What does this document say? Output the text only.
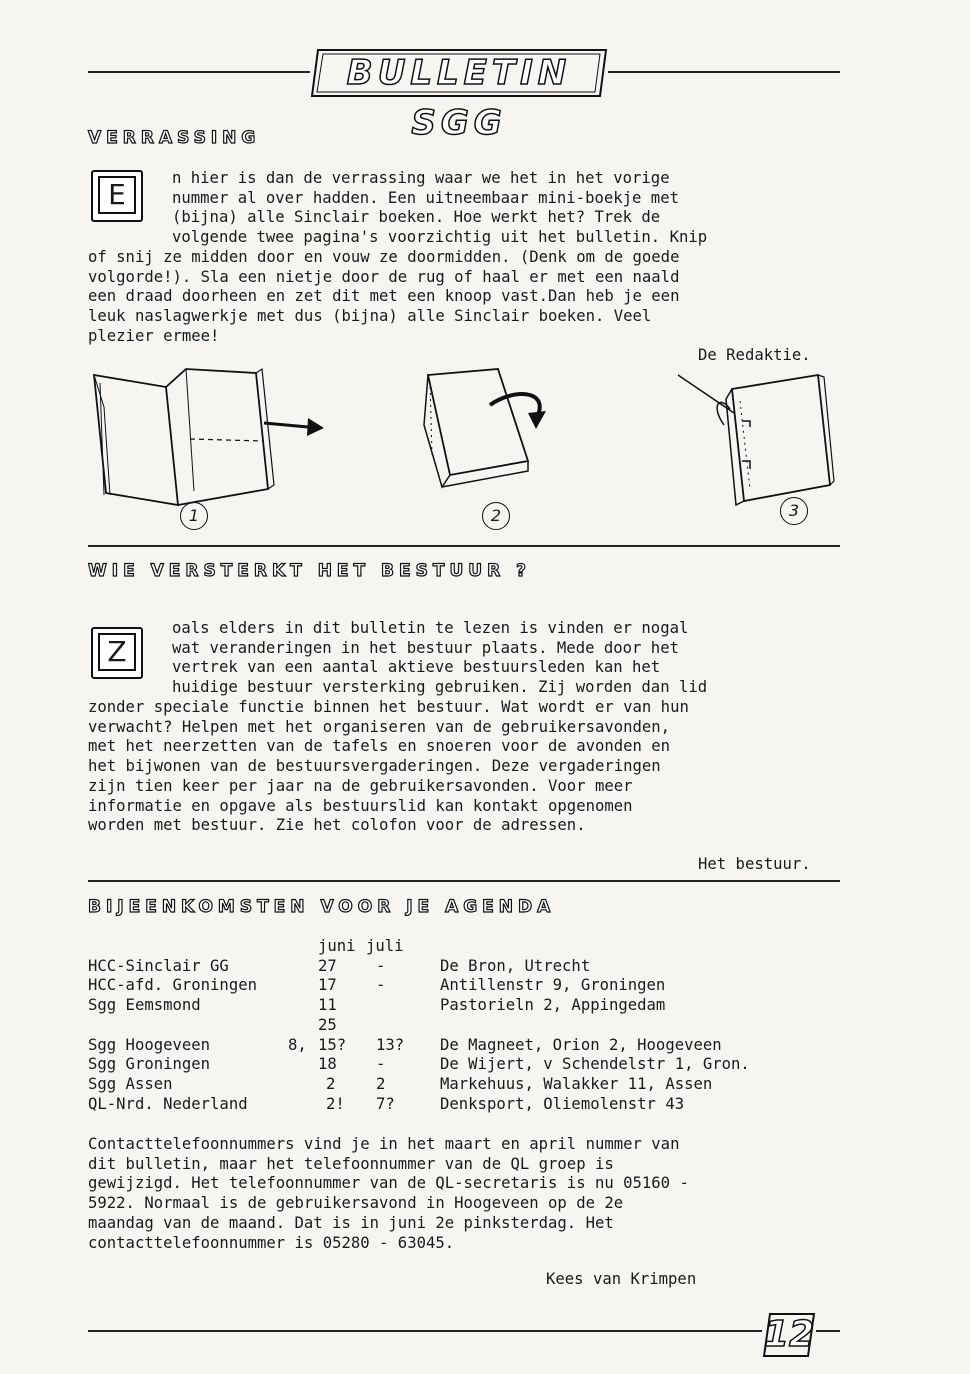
BULLETIN SGG
VERRASSING
E	n hier is dan de verrassing waar we het in het vorige

nummer al over hadden. Een uitneembaar mini-boekje met

(bijna) alle Sinclair boeken. Hoe werkt het? Trek de

volgende twee pagina's voorzichtig uit het bulletin. Knip

of snij ze midden door en vouw ze doormidden. (Denk om de goede

volgorde!). Sla een nietje door de rug of haal er met een naald

een draad doorheen en zet dit met een knoop vast.Dan heb je een

leuk naslagwerkje met dus (bijna) alle Sinclair boeken. Veel

plezier ermee!

De Redaktie.
1	2	3
WIE VERSTERKT HET BESTUUR ?
Z

oals elders in dit bulletin te lezen is vinden er nogal

wat veranderingen in het bestuur plaats. Mede door het

vertrek van een aantal aktieve bestuursleden kan het

huidige bestuur versterking gebruiken. Zij worden dan lid

zonder speciale functie binnen het bestuur. Wat wordt er van hun

verwacht? Helpen met het organiseren van de gebruikersavonden,

met het neerzetten van de tafels en snoeren voor de avonden en

het bijwonen van de bestuursvergaderingen. Deze vergaderingen

zijn tien keer per jaar na de gebruikersavonden. Voor meer

informatie en opgave als bestuurslid kan kontakt opgenomen

worden met bestuur. Zie het colofon voor de adressen.

Het bestuur.
BIJEENKOMSTEN VOOR JE AGENDA
		juni	juli	
HCC-Sinclair GG		27	-	De Bron, Utrecht
HCC-afd. Groningen		17	-	Antillenstr 9, Groningen
Sgg Eemsmond		11		Pastorieln 2, Appingedam
		25		
Sgg Hoogeveen	8,	15?	13?	De Magneet, Orion 2, Hoogeveen
Sgg Groningen		18	-	De Wijert, v Schendelstr 1, Gron.
Sgg Assen		2	2	Markehuus, Walakker 11, Assen
QL-Nrd. Nederland		2!	7?	Denksport, Oliemolenstr 43

Contacttelefoonnummers vind je in het maart en april nummer van

dit bulletin, maar het telefoonnummer van de QL groep is

gewijzigd. Het telefoonnummer van de QL-secretaris is nu 05160 -

5922. Normaal is de gebruikersavond in Hoogeveen op de 2e

maandag van de maand. Dat is in juni 2e pinksterdag. Het

contacttelefoonnummer is 05280 - 63045.

Kees van Krimpen
12
